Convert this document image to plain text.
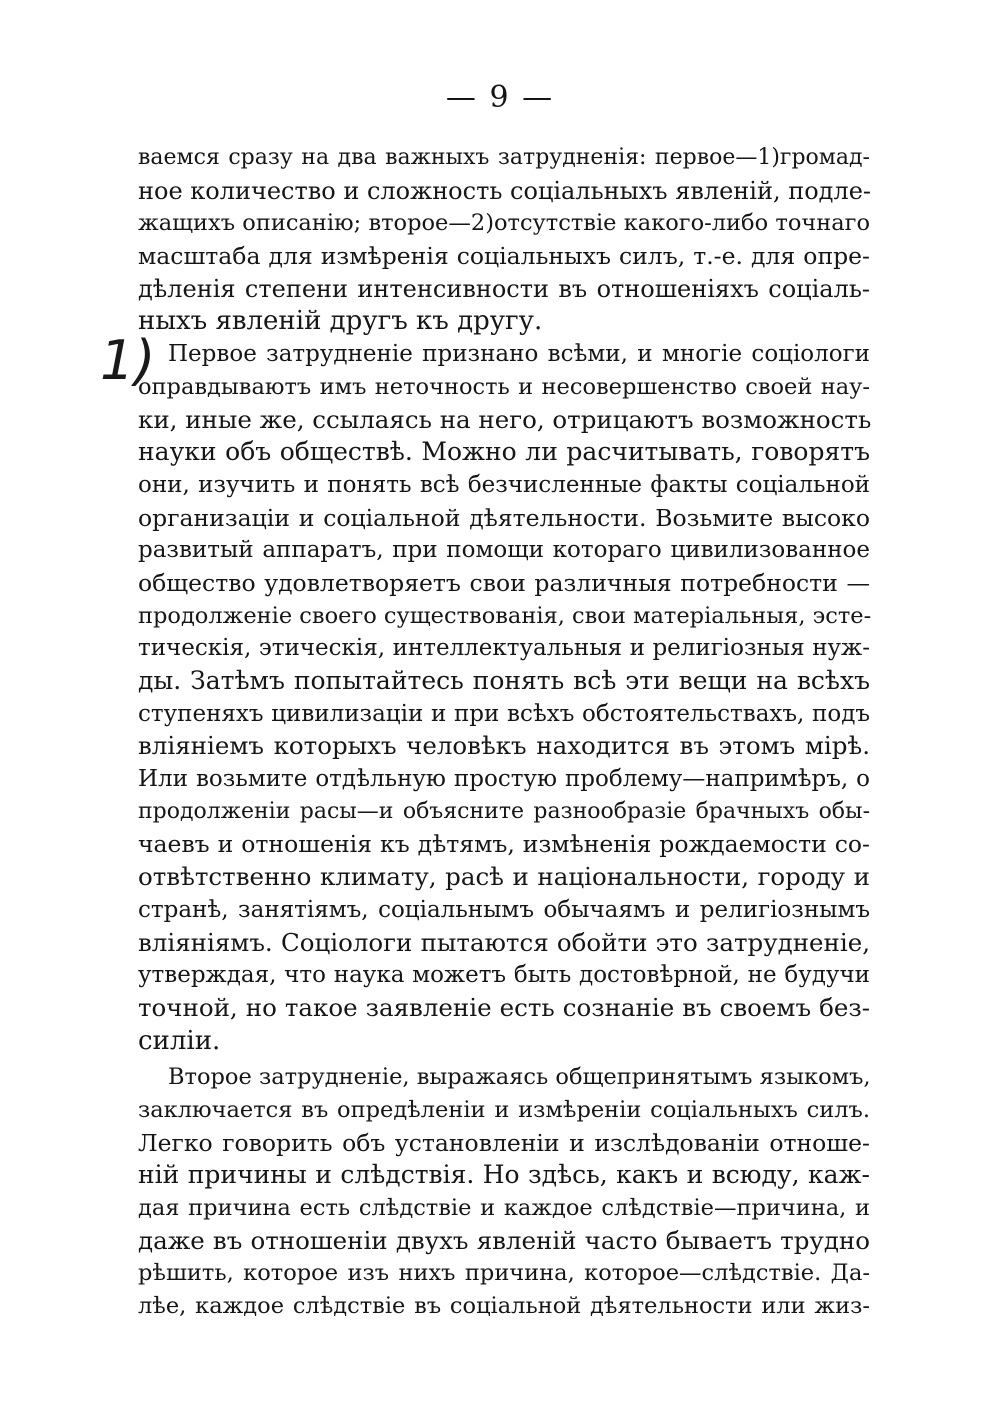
— 9 —
1)
ваемся сразу на два важныхъ затрудненія: первое—1)громад-
ное количество и сложность соціальныхъ явленій, подле-
жащихъ описанію; второе—2)отсутствіе какого-либо точнаго
масштаба для измѣренія соціальныхъ силъ, т.-е. для опре-
дѣленія степени интенсивности въ отношеніяхъ соціаль-
ныхъ явленій другъ къ другу.
Первое затрудненіе признано всѣми, и многіе соціологи
оправдываютъ имъ неточность и несовершенство своей нау-
ки, иные же, ссылаясь на него, отрицаютъ возможность
науки объ обществѣ. Можно ли расчитывать, говорятъ
они, изучить и понять всѣ безчисленные факты соціальной
организаціи и соціальной дѣятельности. Возьмите высоко
развитый аппаратъ, при помощи котораго цивилизованное
общество удовлетворяетъ свои различныя потребности —
продолженіе своего существованія, свои матеріальныя, эсте-
тическія, этическія, интеллектуальныя и религіозныя нуж-
ды. Затѣмъ попытайтесь понять всѣ эти вещи на всѣхъ
ступеняхъ цивилизаціи и при всѣхъ обстоятельствахъ, подъ
вліяніемъ которыхъ человѣкъ находится въ этомъ мірѣ.
Или возьмите отдѣльную простую проблему—напримѣръ, о
продолженіи расы—и объясните разнообразіе брачныхъ обы-
чаевъ и отношенія къ дѣтямъ, измѣненія рождаемости со-
отвѣтственно климату, расѣ и національности, городу и
странѣ, занятіямъ, соціальнымъ обычаямъ и религіознымъ
вліяніямъ. Соціологи пытаются обойти это затрудненіе,
утверждая, что наука можетъ быть достовѣрной, не будучи
точной, но такое заявленіе есть сознаніе въ своемъ без-
силіи.
Второе затрудненіе, выражаясь общепринятымъ языкомъ,
заключается въ опредѣленіи и измѣреніи соціальныхъ силъ.
Легко говорить объ установленіи и изслѣдованіи отноше-
ній причины и слѣдствія. Но здѣсь, какъ и всюду, каж-
дая причина есть слѣдствіе и каждое слѣдствіе—причина, и
даже въ отношеніи двухъ явленій часто бываетъ трудно
рѣшить, которое изъ нихъ причина, которое—слѣдствіе. Да-
лѣе, каждое слѣдствіе въ соціальной дѣятельности или жиз-
